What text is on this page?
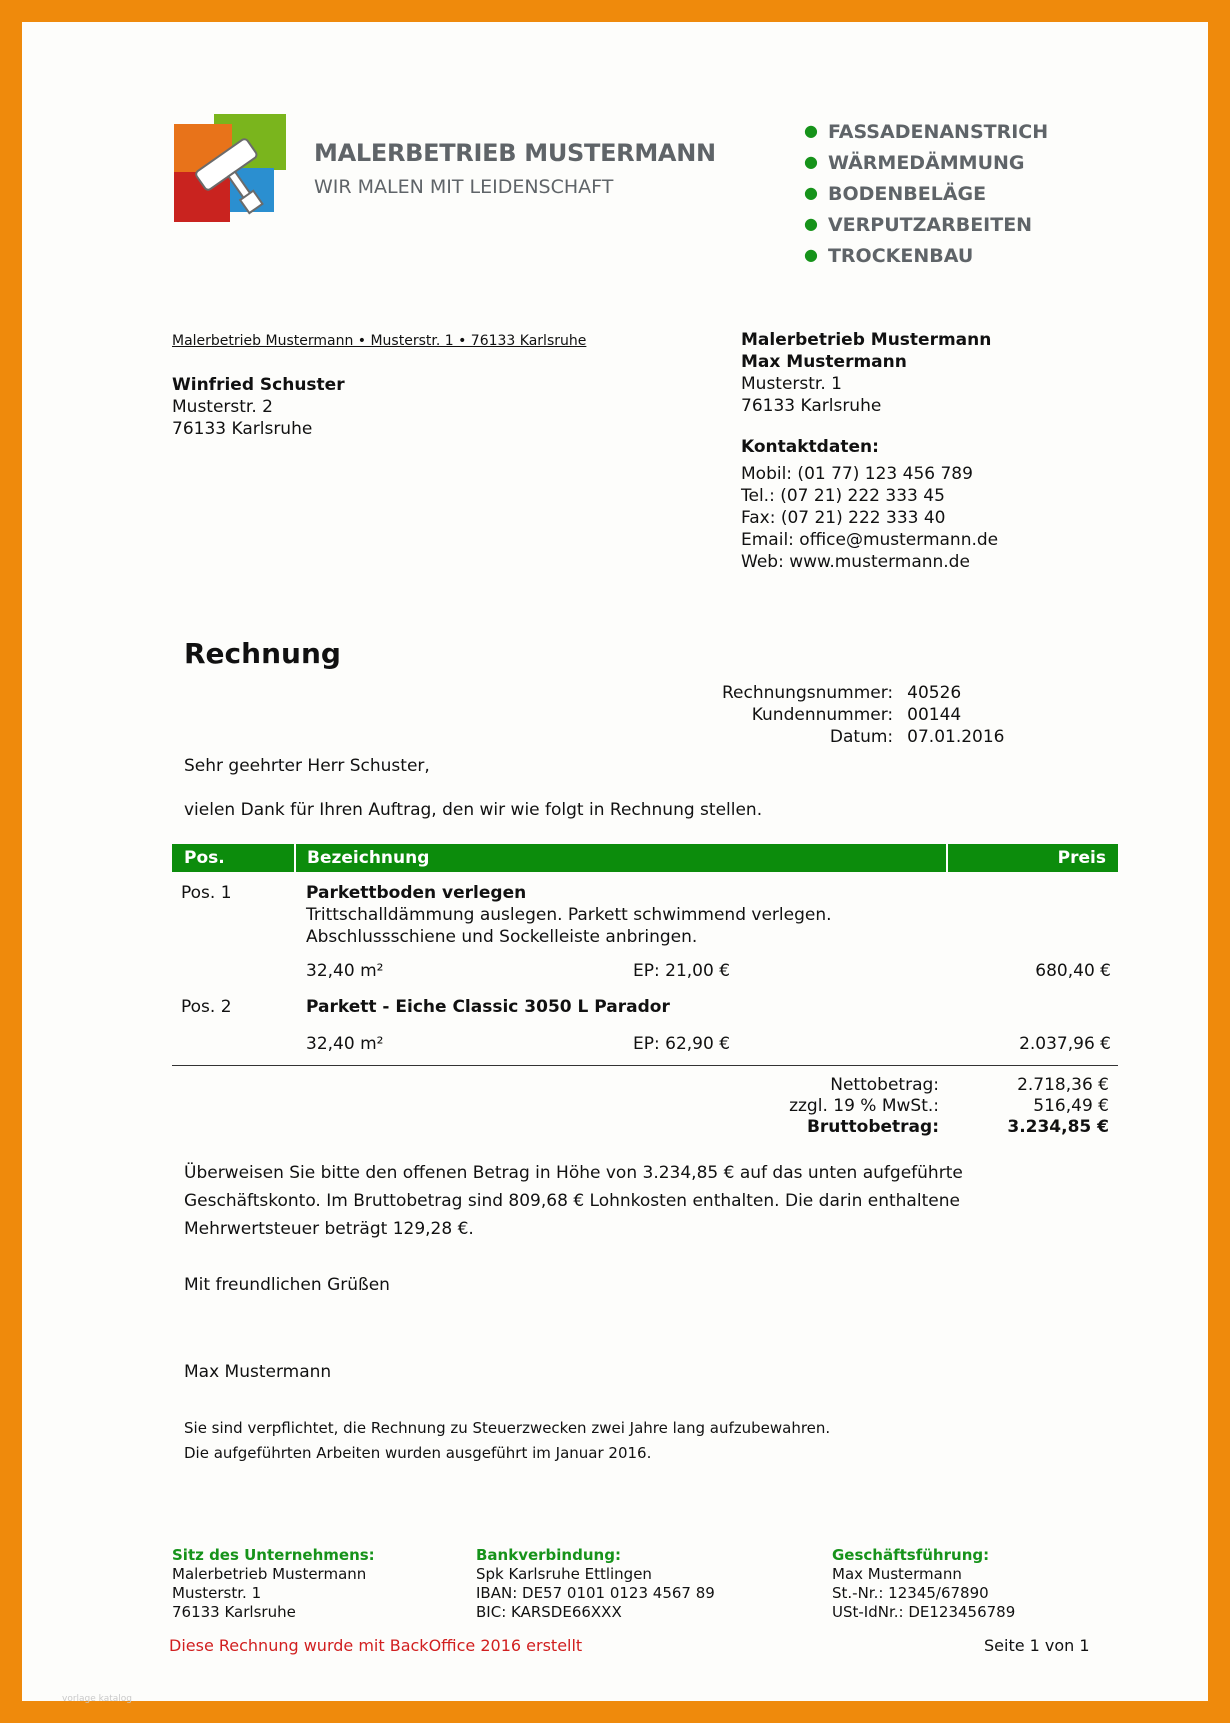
MALERBETRIEB MUSTERMANN
WIR MALEN MIT LEIDENSCHAFT
● FASSADENANSTRICH
● WÄRMEDÄMMUNG
● BODENBELÄGE
● VERPUTZARBEITEN
● TROCKENBAU
Malerbetrieb Mustermann • Musterstr. 1 • 76133 Karlsruhe
Winfried Schuster
Musterstr. 2
76133 Karlsruhe
Malerbetrieb Mustermann
Max Mustermann
Musterstr. 1
76133 Karlsruhe
Kontaktdaten:
Mobil: (01 77) 123 456 789
Tel.: (07 21) 222 333 45
Fax: (07 21) 222 333 40
Email: office@mustermann.de
Web: www.mustermann.de
Rechnung
Rechnungsnummer:	40526
Kundennummer:	00144
Datum:	07.01.2016
Sehr geehrter Herr Schuster,
vielen Dank für Ihren Auftrag, den wir wie folgt in Rechnung stellen.
Pos.	Bezeichnung	Preis
Pos. 1	Parkettboden verlegen
Trittschalldämmung auslegen. Parkett schwimmend verlegen.
Abschlussschiene und Sockelleiste anbringen.
32,40 m²	EP: 21,00 €	680,40 €
Pos. 2	Parkett - Eiche Classic 3050 L Parador
32,40 m²	EP: 62,90 €	2.037,96 €
Nettobetrag:	2.718,36 €
zzgl. 19 % MwSt.:	516,49 €
Bruttobetrag:	3.234,85 €
Überweisen Sie bitte den offenen Betrag in Höhe von 3.234,85 € auf das unten aufgeführte Geschäftskonto. Im Bruttobetrag sind 809,68 € Lohnkosten enthalten. Die darin enthaltene Mehrwertsteuer beträgt 129,28 €.
Mit freundlichen Grüßen
Max Mustermann
Sie sind verpflichtet, die Rechnung zu Steuerzwecken zwei Jahre lang aufzubewahren.
Die aufgeführten Arbeiten wurden ausgeführt im Januar 2016.
Sitz des Unternehmens:
Malerbetrieb Mustermann
Musterstr. 1
76133 Karlsruhe
Bankverbindung:
Spk Karlsruhe Ettlingen
IBAN: DE57 0101 0123 4567 89
BIC: KARSDE66XXX
Geschäftsführung:
Max Mustermann
St.-Nr.: 12345/67890
USt-IdNr.: DE123456789
Diese Rechnung wurde mit BackOffice 2016 erstellt	Seite 1 von 1
vorlage katalog
